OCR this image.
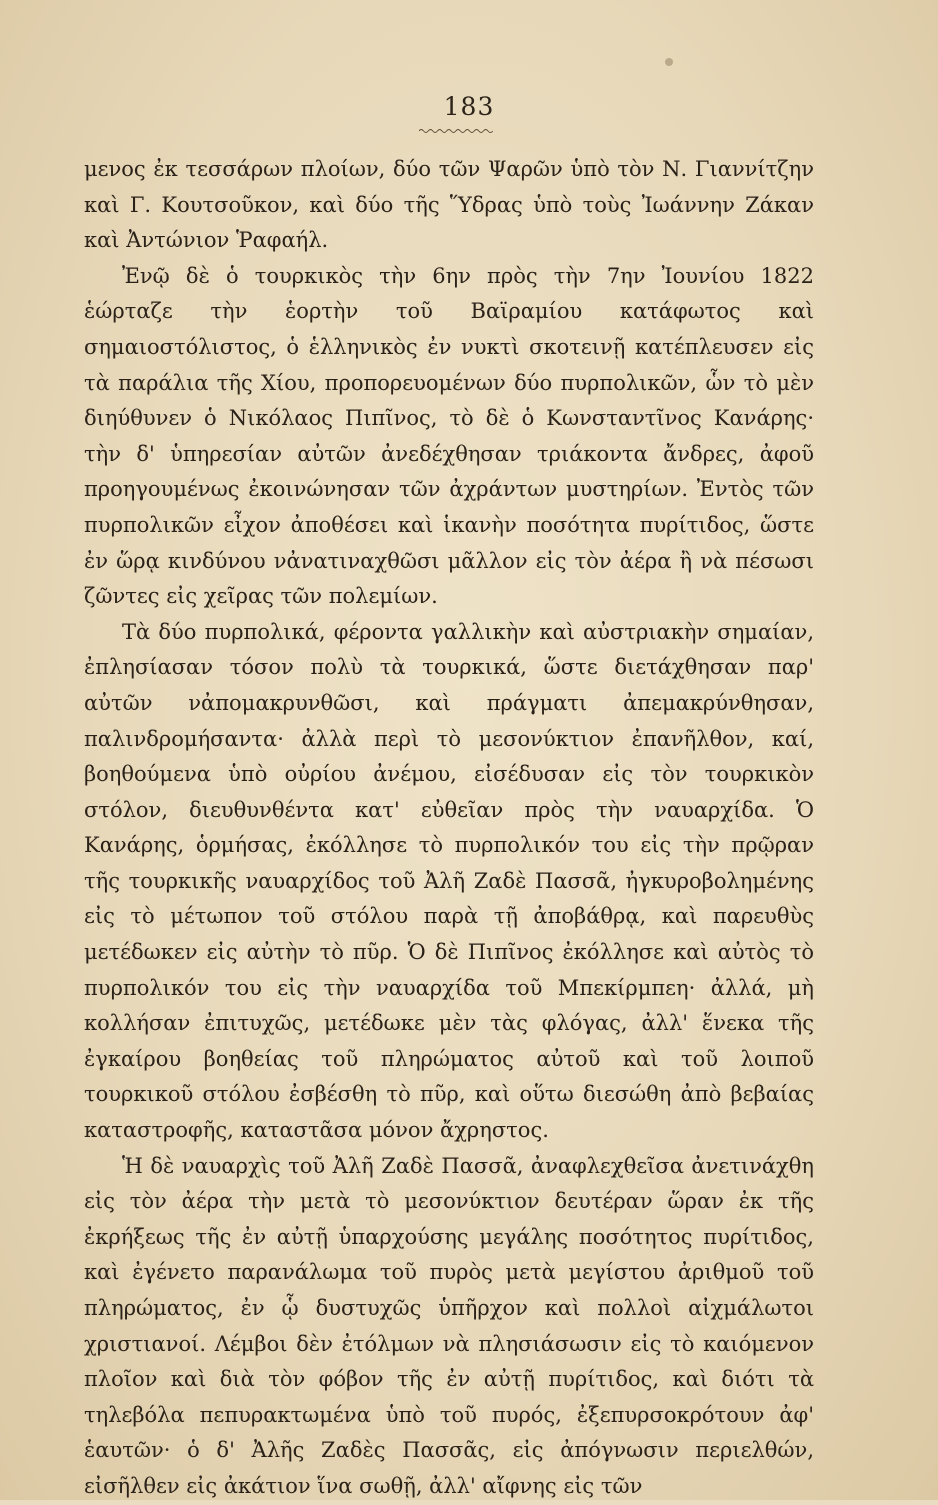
183

μενος ἐκ τεσσάρων πλοίων, δύο τῶν Ψαρῶν ὑπὸ τὸν Ν. Γιαννίτζην καὶ Γ. Κουτσοῦκον, καὶ δύο τῆς Ὕδρας ὑπὸ τοὺς Ἰωάννην Ζάκαν καὶ Ἀντώνιον Ῥαφαήλ.

Ἐνῷ δὲ ὁ τουρκικὸς τὴν 6ην πρὸς τὴν 7ην Ἰουνίου 1822 ἑώρταζε τὴν ἑορτὴν τοῦ Βαϊραμίου κατάφωτος καὶ σημαιοστόλιστος, ὁ ἑλληνικὸς ἐν νυκτὶ σκοτεινῇ κατέπλευσεν εἰς τὰ παράλια τῆς Χίου, προπορευομένων δύο πυρπολικῶν, ὧν τὸ μὲν διηύθυνεν ὁ Νικόλαος Πιπῖνος, τὸ δὲ ὁ Κωνσταντῖνος Κανάρης· τὴν δ' ὑπηρεσίαν αὐτῶν ἀνεδέχθησαν τριάκοντα ἄνδρες, ἀφοῦ προηγουμένως ἐκοινώνησαν τῶν ἀχράντων μυστηρίων. Ἐντὸς τῶν πυρπολικῶν εἶχον ἀποθέσει καὶ ἱκανὴν ποσότητα πυρίτιδος, ὥστε ἐν ὥρᾳ κινδύνου νἀνατιναχθῶσι μᾶλλον εἰς τὸν ἀέρα ἢ νὰ πέσωσι ζῶντες εἰς χεῖρας τῶν πολεμίων.

Τὰ δύο πυρπολικά, φέροντα γαλλικὴν καὶ αὐστριακὴν σημαίαν, ἐπλησίασαν τόσον πολὺ τὰ τουρκικά, ὥστε διετάχθησαν παρ' αὐτῶν νἀπομακρυνθῶσι, καὶ πράγματι ἀπεμακρύνθησαν, παλινδρομήσαντα· ἀλλὰ περὶ τὸ μεσονύκτιον ἐπανῆλθον, καί, βοηθούμενα ὑπὸ οὐρίου ἀνέμου, εἰσέδυσαν εἰς τὸν τουρκικὸν στόλον, διευθυνθέντα κατ' εὐθεῖαν πρὸς τὴν ναυαρχίδα. Ὁ Κανάρης, ὁρμήσας, ἐκόλλησε τὸ πυρπολικόν του εἰς τὴν πρῷραν τῆς τουρκικῆς ναυαρχίδος τοῦ Ἀλῆ Ζαδὲ Πασσᾶ, ἠγκυροβολημένης εἰς τὸ μέτωπον τοῦ στόλου παρὰ τῇ ἀποβάθρᾳ, καὶ παρευθὺς μετέδωκεν εἰς αὐτὴν τὸ πῦρ. Ὁ δὲ Πιπῖνος ἐκόλλησε καὶ αὐτὸς τὸ πυρπολικόν του εἰς τὴν ναυαρχίδα τοῦ Μπεκίρμπεη· ἀλλά, μὴ κολλήσαν ἐπιτυχῶς, μετέδωκε μὲν τὰς φλόγας, ἀλλ' ἕνεκα τῆς ἐγκαίρου βοηθείας τοῦ πληρώματος αὐτοῦ καὶ τοῦ λοιποῦ τουρκικοῦ στόλου ἐσβέσθη τὸ πῦρ, καὶ οὕτω διεσώθη ἀπὸ βεβαίας καταστροφῆς, καταστᾶσα μόνον ἄχρηστος.

Ἡ δὲ ναυαρχὶς τοῦ Ἀλῆ Ζαδὲ Πασσᾶ, ἀναφλεχθεῖσα ἀνετινάχθη εἰς τὸν ἀέρα τὴν μετὰ τὸ μεσονύκτιον δευτέραν ὥραν ἐκ τῆς ἐκρήξεως τῆς ἐν αὐτῇ ὑπαρχούσης μεγάλης ποσότητος πυρίτιδος, καὶ ἐγένετο παρανάλωμα τοῦ πυρὸς μετὰ μεγίστου ἀριθμοῦ τοῦ πληρώματος, ἐν ᾧ δυστυχῶς ὑπῆρχον καὶ πολλοὶ αἰχμάλωτοι χριστιανοί. Λέμβοι δὲν ἐτόλμων νὰ πλησιάσωσιν εἰς τὸ καιόμενον πλοῖον καὶ διὰ τὸν φόβον τῆς ἐν αὐτῇ πυρίτιδος, καὶ διότι τὰ τηλεβόλα πεπυρακτωμένα ὑπὸ τοῦ πυρός, ἐξεπυρσοκρότουν ἀφ' ἑαυτῶν· ὁ δ' Ἀλῆς Ζαδὲς Πασσᾶς, εἰς ἀπόγνωσιν περιελθών, εἰσῆλθεν εἰς ἀκάτιον ἵνα σωθῇ, ἀλλ' αἴφνης εἰς τῶν
